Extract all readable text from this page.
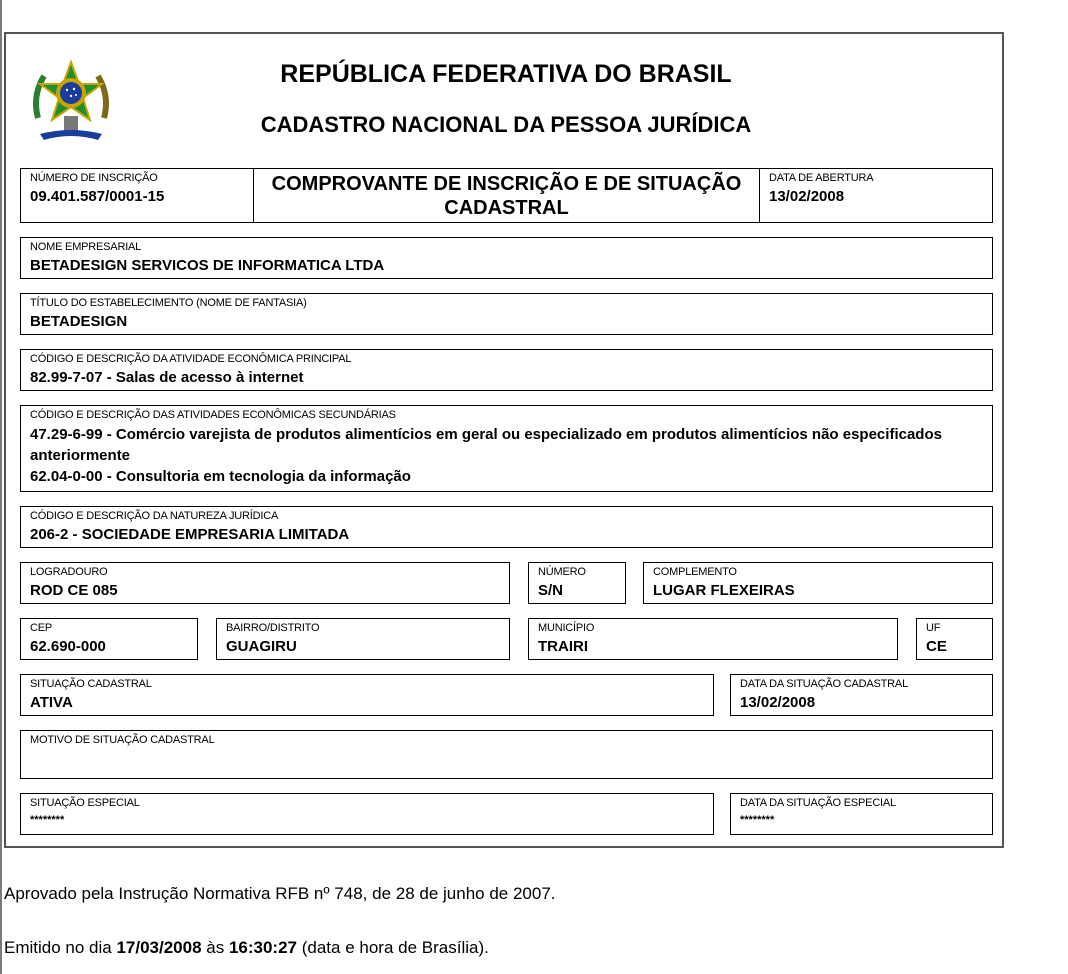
REPÚBLICA FEDERATIVA DO BRASIL
CADASTRO NACIONAL DA PESSOA JURÍDICA
NÚMERO DE INSCRIÇÃO
09.401.587/0001-15
COMPROVANTE DE INSCRIÇÃO E DE SITUAÇÃO CADASTRAL
DATA DE ABERTURA
13/02/2008
NOME EMPRESARIAL
BETADESIGN SERVICOS DE INFORMATICA LTDA
TÍTULO DO ESTABELECIMENTO (NOME DE FANTASIA)
BETADESIGN
CÓDIGO E DESCRIÇÃO DA ATIVIDADE ECONÔMICA PRINCIPAL
82.99-7-07 - Salas de acesso à internet
CÓDIGO E DESCRIÇÃO DAS ATIVIDADES ECONÔMICAS SECUNDÁRIAS
47.29-6-99 - Comércio varejista de produtos alimentícios em geral ou especializado em produtos alimentícios não especificados anteriormente
62.04-0-00 - Consultoria em tecnologia da informação
CÓDIGO E DESCRIÇÃO DA NATUREZA JURÍDICA
206-2 - SOCIEDADE EMPRESARIA LIMITADA
LOGRADOURO
ROD CE 085
NÚMERO
S/N
COMPLEMENTO
LUGAR FLEXEIRAS
CEP
62.690-000
BAIRRO/DISTRITO
GUAGIRU
MUNICÍPIO
TRAIRI
UF
CE
SITUAÇÃO CADASTRAL
ATIVA
DATA DA SITUAÇÃO CADASTRAL
13/02/2008
MOTIVO DE SITUAÇÃO CADASTRAL
SITUAÇÃO ESPECIAL
********
DATA DA SITUAÇÃO ESPECIAL
********
Aprovado pela Instrução Normativa RFB nº 748, de 28 de junho de 2007.
Emitido no dia 17/03/2008 às 16:30:27 (data e hora de Brasília).
